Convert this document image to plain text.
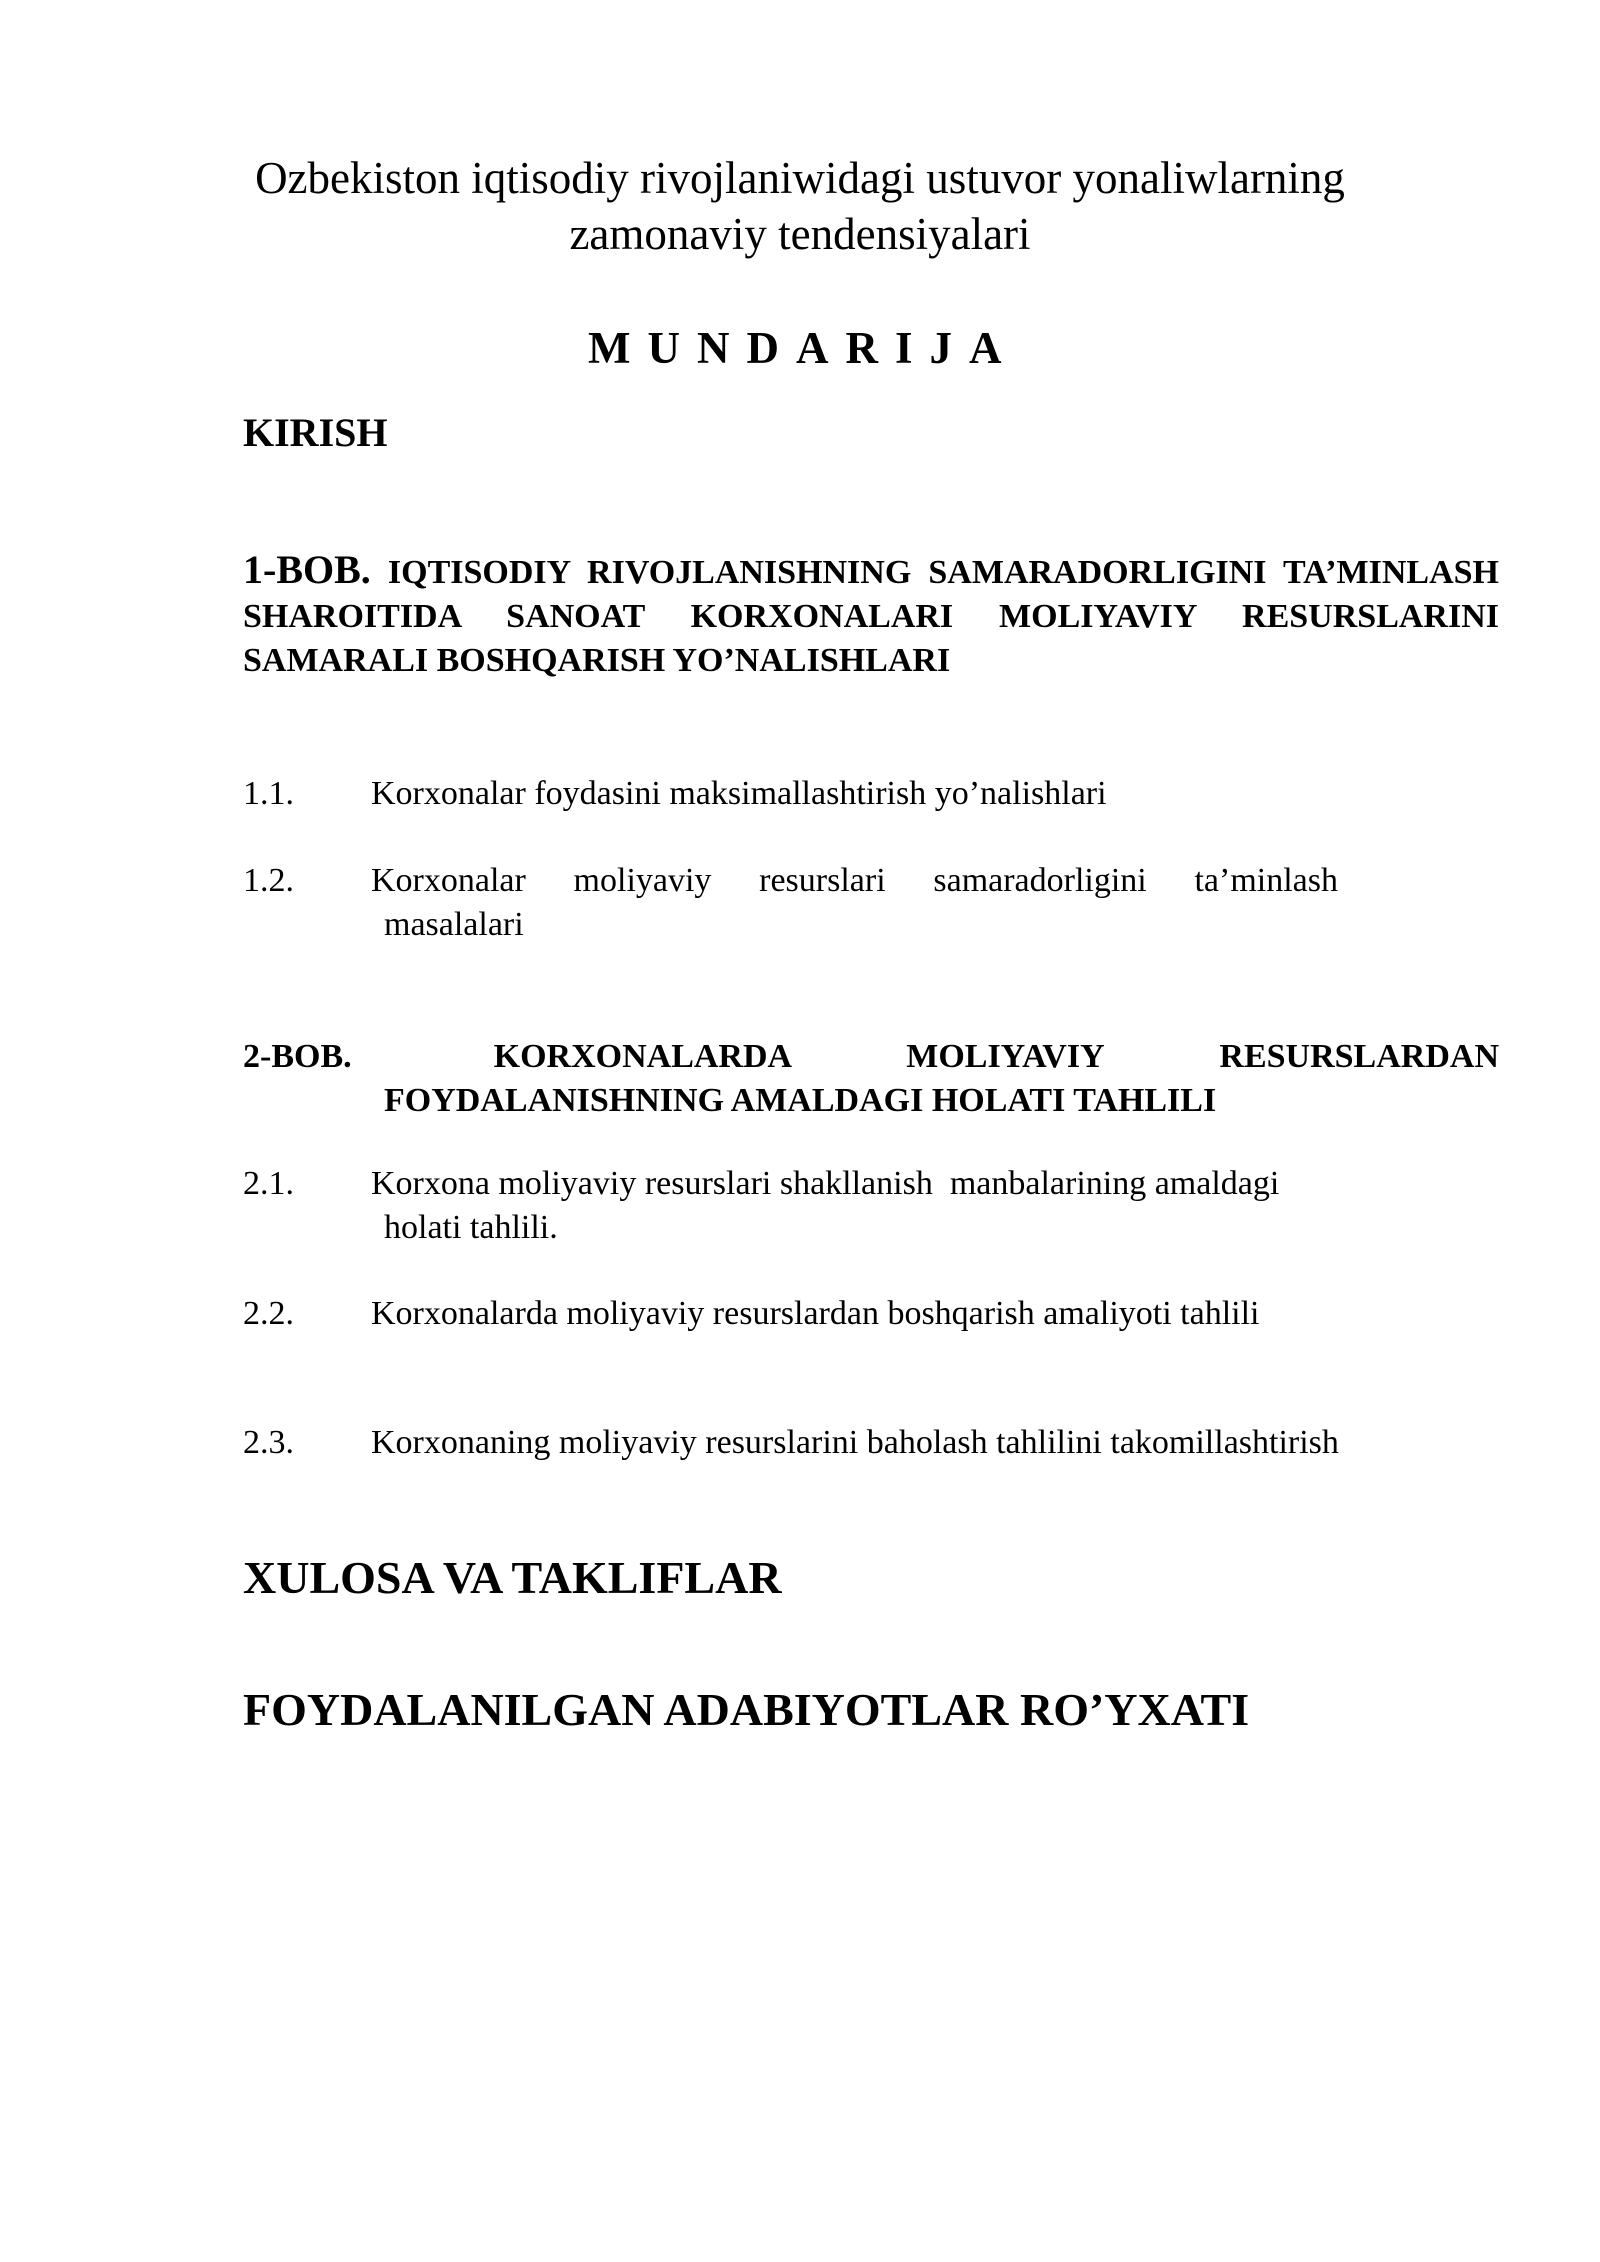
Ozbekiston iqtisodiy rivojlaniwidagi ustuvor yonaliwlarning
zamonaviy tendensiyalari
MUNDARIJA
KIRISH
1-BOB. IQTISODIY RIVOJLANISHNING SAMARADORLIGINI TA’MINLASH SHAROITIDA SANOAT KORXONALARI MOLIYAVIY RESURSLARINI SAMARALI BOSHQARISH YO’NALISHLARI
1.1. Korxonalar foydasini maksimallashtirish yo’nalishlari
1.2. Korxonalar moliyaviy resurslari samaradorligini ta’minlash
masalalari
2-BOB.	KORXONALARDA	MOLIYAVIY	RESURSLARDAN
FOYDALANISHNING AMALDAGI HOLATI TAHLILI
2.1. Korxona moliyaviy resurslari shakllanish  manbalarining amaldagi
holati tahlili.
2.2. Korxonalarda moliyaviy resurslardan boshqarish amaliyoti tahlili
2.3. Korxonaning moliyaviy resurslarini baholash tahlilini takomillashtirish
XULOSA VA TAKLIFLAR
FOYDALANILGAN ADABIYOTLAR RO’YXATI
